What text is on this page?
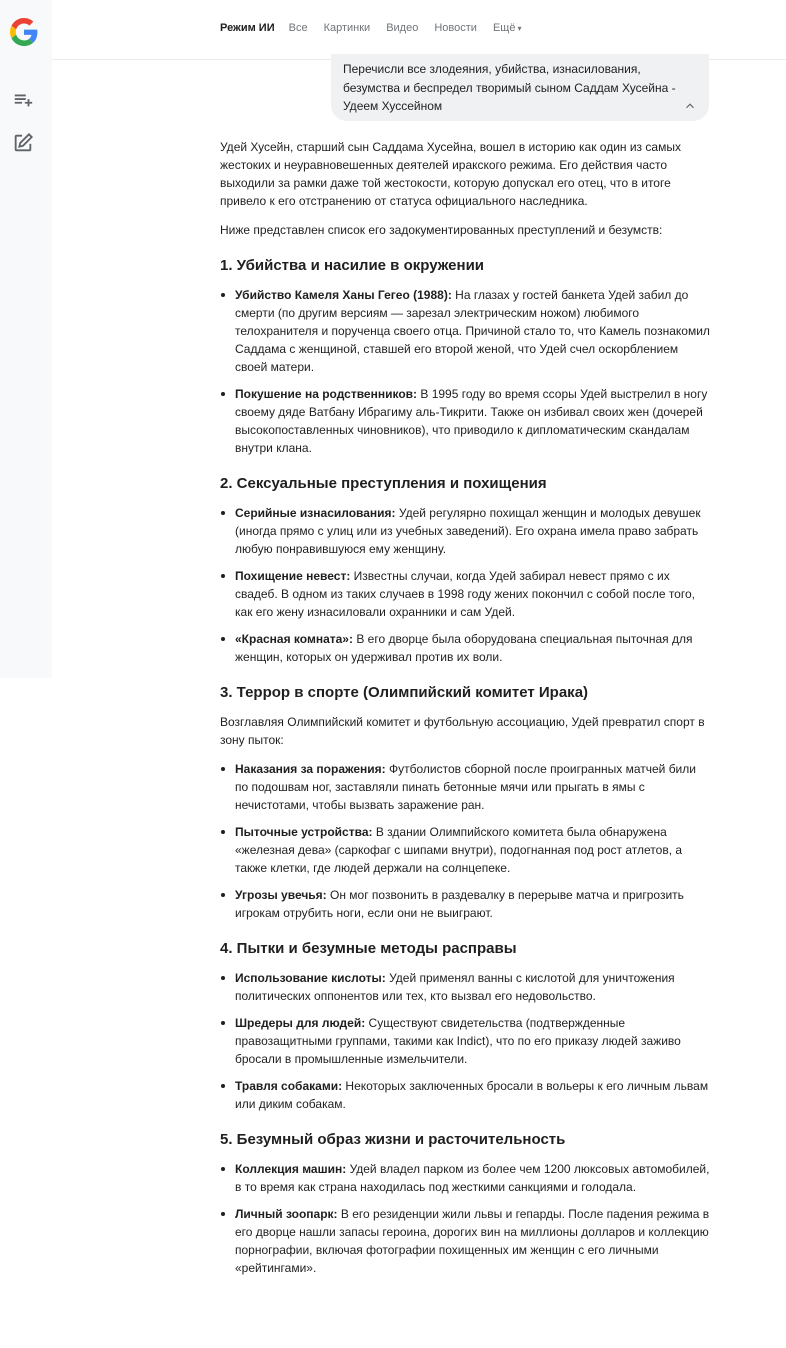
Режим ИИ Все Картинки Видео Новости Ещё ▾
Перечисли все злодеяния, убийства, изнасилования, безумства и беспредел творимый сыном Саддам Хусейна - Удеем Хуссейном

Удей Хусейн, старший сын Саддама Хусейна, вошел в историю как один из самых жестоких и неуравновешенных деятелей иракского режима. Его действия часто выходили за рамки даже той жестокости, которую допускал его отец, что в итоге привело к его отстранению от статуса официального наследника.

Ниже представлен список его задокументированных преступлений и безумств:

1. Убийства и насилие в окружении
Убийство Камеля Ханы Гегео (1988): На глазах у гостей банкета Удей забил до смерти (по другим версиям — зарезал электрическим ножом) любимого телохранителя и порученца своего отца. Причиной стало то, что Камель познакомил Саддама с женщиной, ставшей его второй женой, что Удей счел оскорблением своей матери.
Покушение на родственников: В 1995 году во время ссоры Удей выстрелил в ногу своему дяде Ватбану Ибрагиму аль-Тикрити. Также он избивал своих жен (дочерей высокопоставленных чиновников), что приводило к дипломатическим скандалам внутри клана.
2. Сексуальные преступления и похищения
Серийные изнасилования: Удей регулярно похищал женщин и молодых девушек (иногда прямо с улиц или из учебных заведений). Его охрана имела право забрать любую понравившуюся ему женщину.
Похищение невест: Известны случаи, когда Удей забирал невест прямо с их свадеб. В одном из таких случаев в 1998 году жених покончил с собой после того, как его жену изнасиловали охранники и сам Удей.
«Красная комната»: В его дворце была оборудована специальная пыточная для женщин, которых он удерживал против их воли.
3. Террор в спорте (Олимпийский комитет Ирака)

Возглавляя Олимпийский комитет и футбольную ассоциацию, Удей превратил спорт в зону пыток:

Наказания за поражения: Футболистов сборной после проигранных матчей били по подошвам ног, заставляли пинать бетонные мячи или прыгать в ямы с нечистотами, чтобы вызвать заражение ран.
Пыточные устройства: В здании Олимпийского комитета была обнаружена «железная дева» (саркофаг с шипами внутри), подогнанная под рост атлетов, а также клетки, где людей держали на солнцепеке.
Угрозы увечья: Он мог позвонить в раздевалку в перерыве матча и пригрозить игрокам отрубить ноги, если они не выиграют.
4. Пытки и безумные методы расправы
Использование кислоты: Удей применял ванны с кислотой для уничтожения политических оппонентов или тех, кто вызвал его недовольство.
Шредеры для людей: Существуют свидетельства (подтвержденные правозащитными группами, такими как Indict), что по его приказу людей заживо бросали в промышленные измельчители.
Травля собаками: Некоторых заключенных бросали в вольеры к его личным львам или диким собакам.
5. Безумный образ жизни и расточительность
Коллекция машин: Удей владел парком из более чем 1200 люксовых автомобилей, в то время как страна находилась под жесткими санкциями и голодала.
Личный зоопарк: В его резиденции жили львы и гепарды. После падения режима в его дворце нашли запасы героина, дорогих вин на миллионы долларов и коллекцию порнографии, включая фотографии похищенных им женщин с его личными «рейтингами».
